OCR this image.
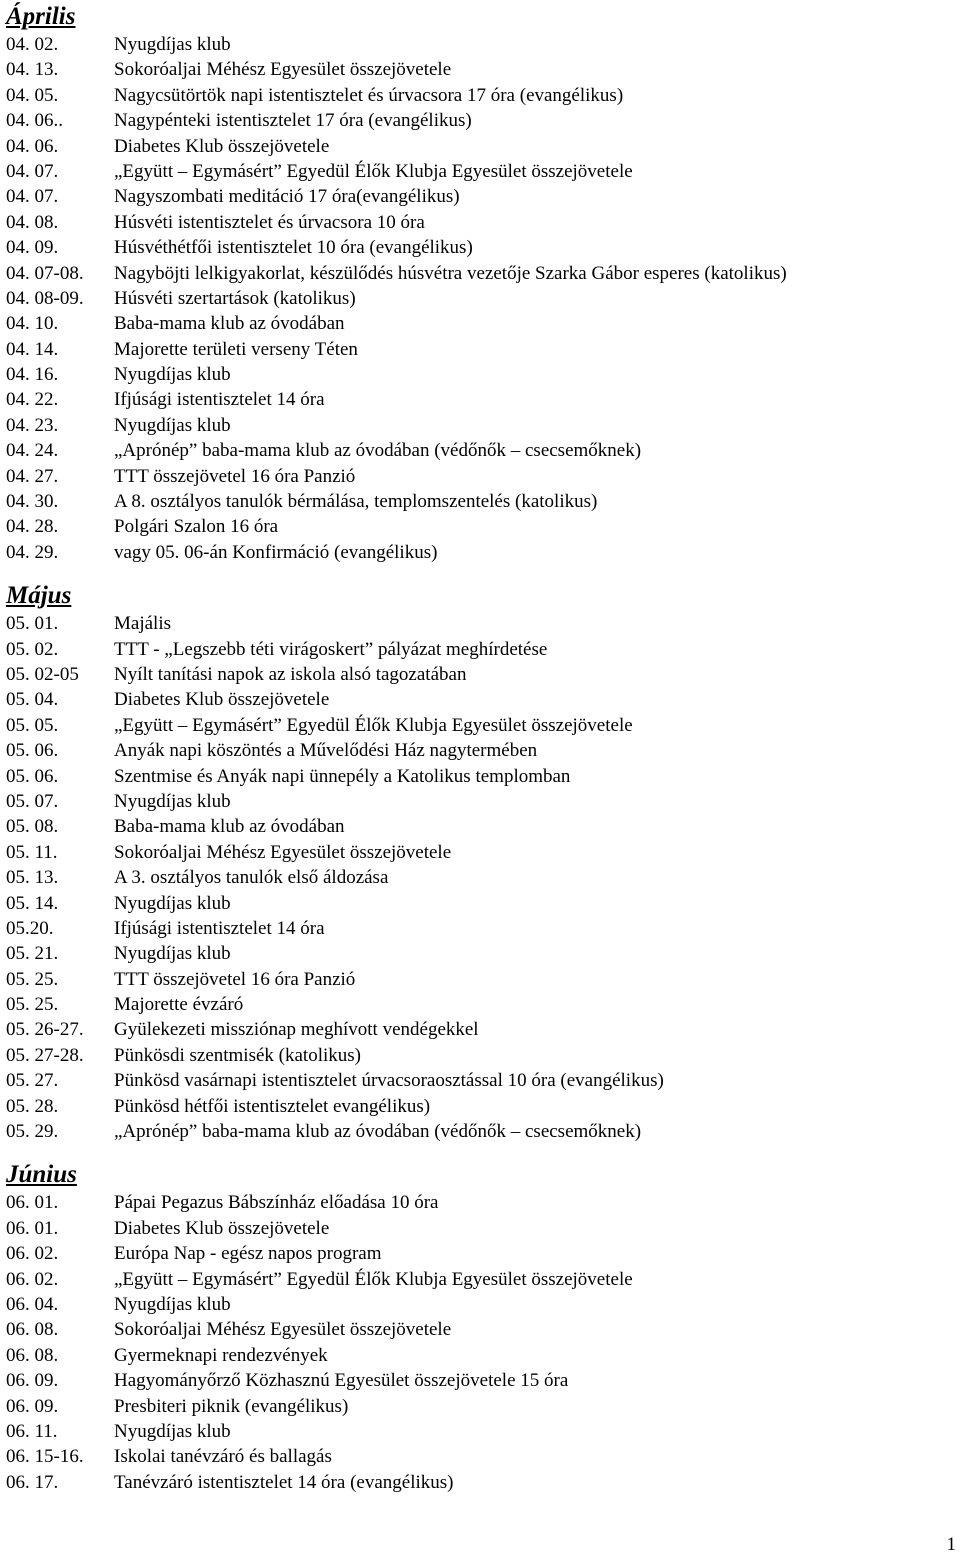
Április
04. 02.	Nyugdíjas klub
04. 13.	Sokoróaljai Méhész Egyesület összejövetele
04. 05.	Nagycsütörtök napi istentisztelet és úrvacsora 17 óra (evangélikus)
04. 06..	Nagypénteki istentisztelet 17 óra (evangélikus)
04. 06.	Diabetes Klub összejövetele
04. 07.	„Együtt – Egymásért” Egyedül Élők Klubja Egyesület összejövetele
04. 07.	Nagyszombati meditáció 17 óra(evangélikus)
04. 08.	Húsvéti istentisztelet és úrvacsora 10 óra
04. 09.	Húsvéthétfői istentisztelet 10 óra (evangélikus)
04. 07-08.	Nagyböjti lelkigyakorlat, készülődés húsvétra vezetője Szarka Gábor esperes (katolikus)
04. 08-09.	Húsvéti szertartások (katolikus)
04. 10.	Baba-mama klub az óvodában
04. 14.	Majorette területi verseny Téten
04. 16.	Nyugdíjas klub
04. 22.	Ifjúsági istentisztelet 14 óra
04. 23.	Nyugdíjas klub
04. 24.	„Aprónép” baba-mama klub az óvodában (védőnők – csecsemőknek)
04. 27.	TTT összejövetel 16 óra Panzió
04. 30.	A 8. osztályos tanulók bérmálása, templomszentelés (katolikus)
04. 28.	Polgári Szalon 16 óra
04. 29.	vagy 05. 06-án Konfirmáció (evangélikus)
Május
05. 01.	Majális
05. 02.	TTT - „Legszebb téti virágoskert” pályázat meghírdetése
05. 02-05	Nyílt tanítási napok az iskola alsó tagozatában
05. 04.	Diabetes Klub összejövetele
05. 05.	„Együtt – Egymásért” Egyedül Élők Klubja Egyesület összejövetele
05. 06.	Anyák napi köszöntés a Művelődési Ház nagytermében
05. 06.	Szentmise és Anyák napi ünnepély a Katolikus templomban
05. 07.	Nyugdíjas klub
05. 08.	Baba-mama klub az óvodában
05. 11.	Sokoróaljai Méhész Egyesület összejövetele
05. 13.	A 3. osztályos tanulók első áldozása
05. 14.	Nyugdíjas klub
05.20.	Ifjúsági istentisztelet 14 óra
05. 21.	Nyugdíjas klub
05. 25.	TTT összejövetel 16 óra Panzió
05. 25.	Majorette évzáró
05. 26-27.	Gyülekezeti missziónap meghívott vendégekkel
05. 27-28.	Pünkösdi szentmisék (katolikus)
05. 27.	Pünkösd vasárnapi istentisztelet úrvacsoraosztással 10 óra (evangélikus)
05. 28.	Pünkösd hétfői istentisztelet evangélikus)
05. 29.	„Aprónép” baba-mama klub az óvodában (védőnők – csecsemőknek)
Június
06. 01.	Pápai Pegazus Bábszínház előadása 10 óra
06. 01.	Diabetes Klub összejövetele
06. 02.	Európa Nap - egész napos program
06. 02.	„Együtt – Egymásért” Egyedül Élők Klubja Egyesület összejövetele
06. 04.	Nyugdíjas klub
06. 08.	Sokoróaljai Méhész Egyesület összejövetele
06. 08.	Gyermeknapi rendezvények
06. 09.	Hagyományőrző Közhasznú Egyesület összejövetele 15 óra
06. 09.	Presbiteri piknik (evangélikus)
06. 11.	Nyugdíjas klub
06. 15-16.	Iskolai tanévzáró és ballagás
06. 17.	Tanévzáró istentisztelet 14 óra (evangélikus)
1
